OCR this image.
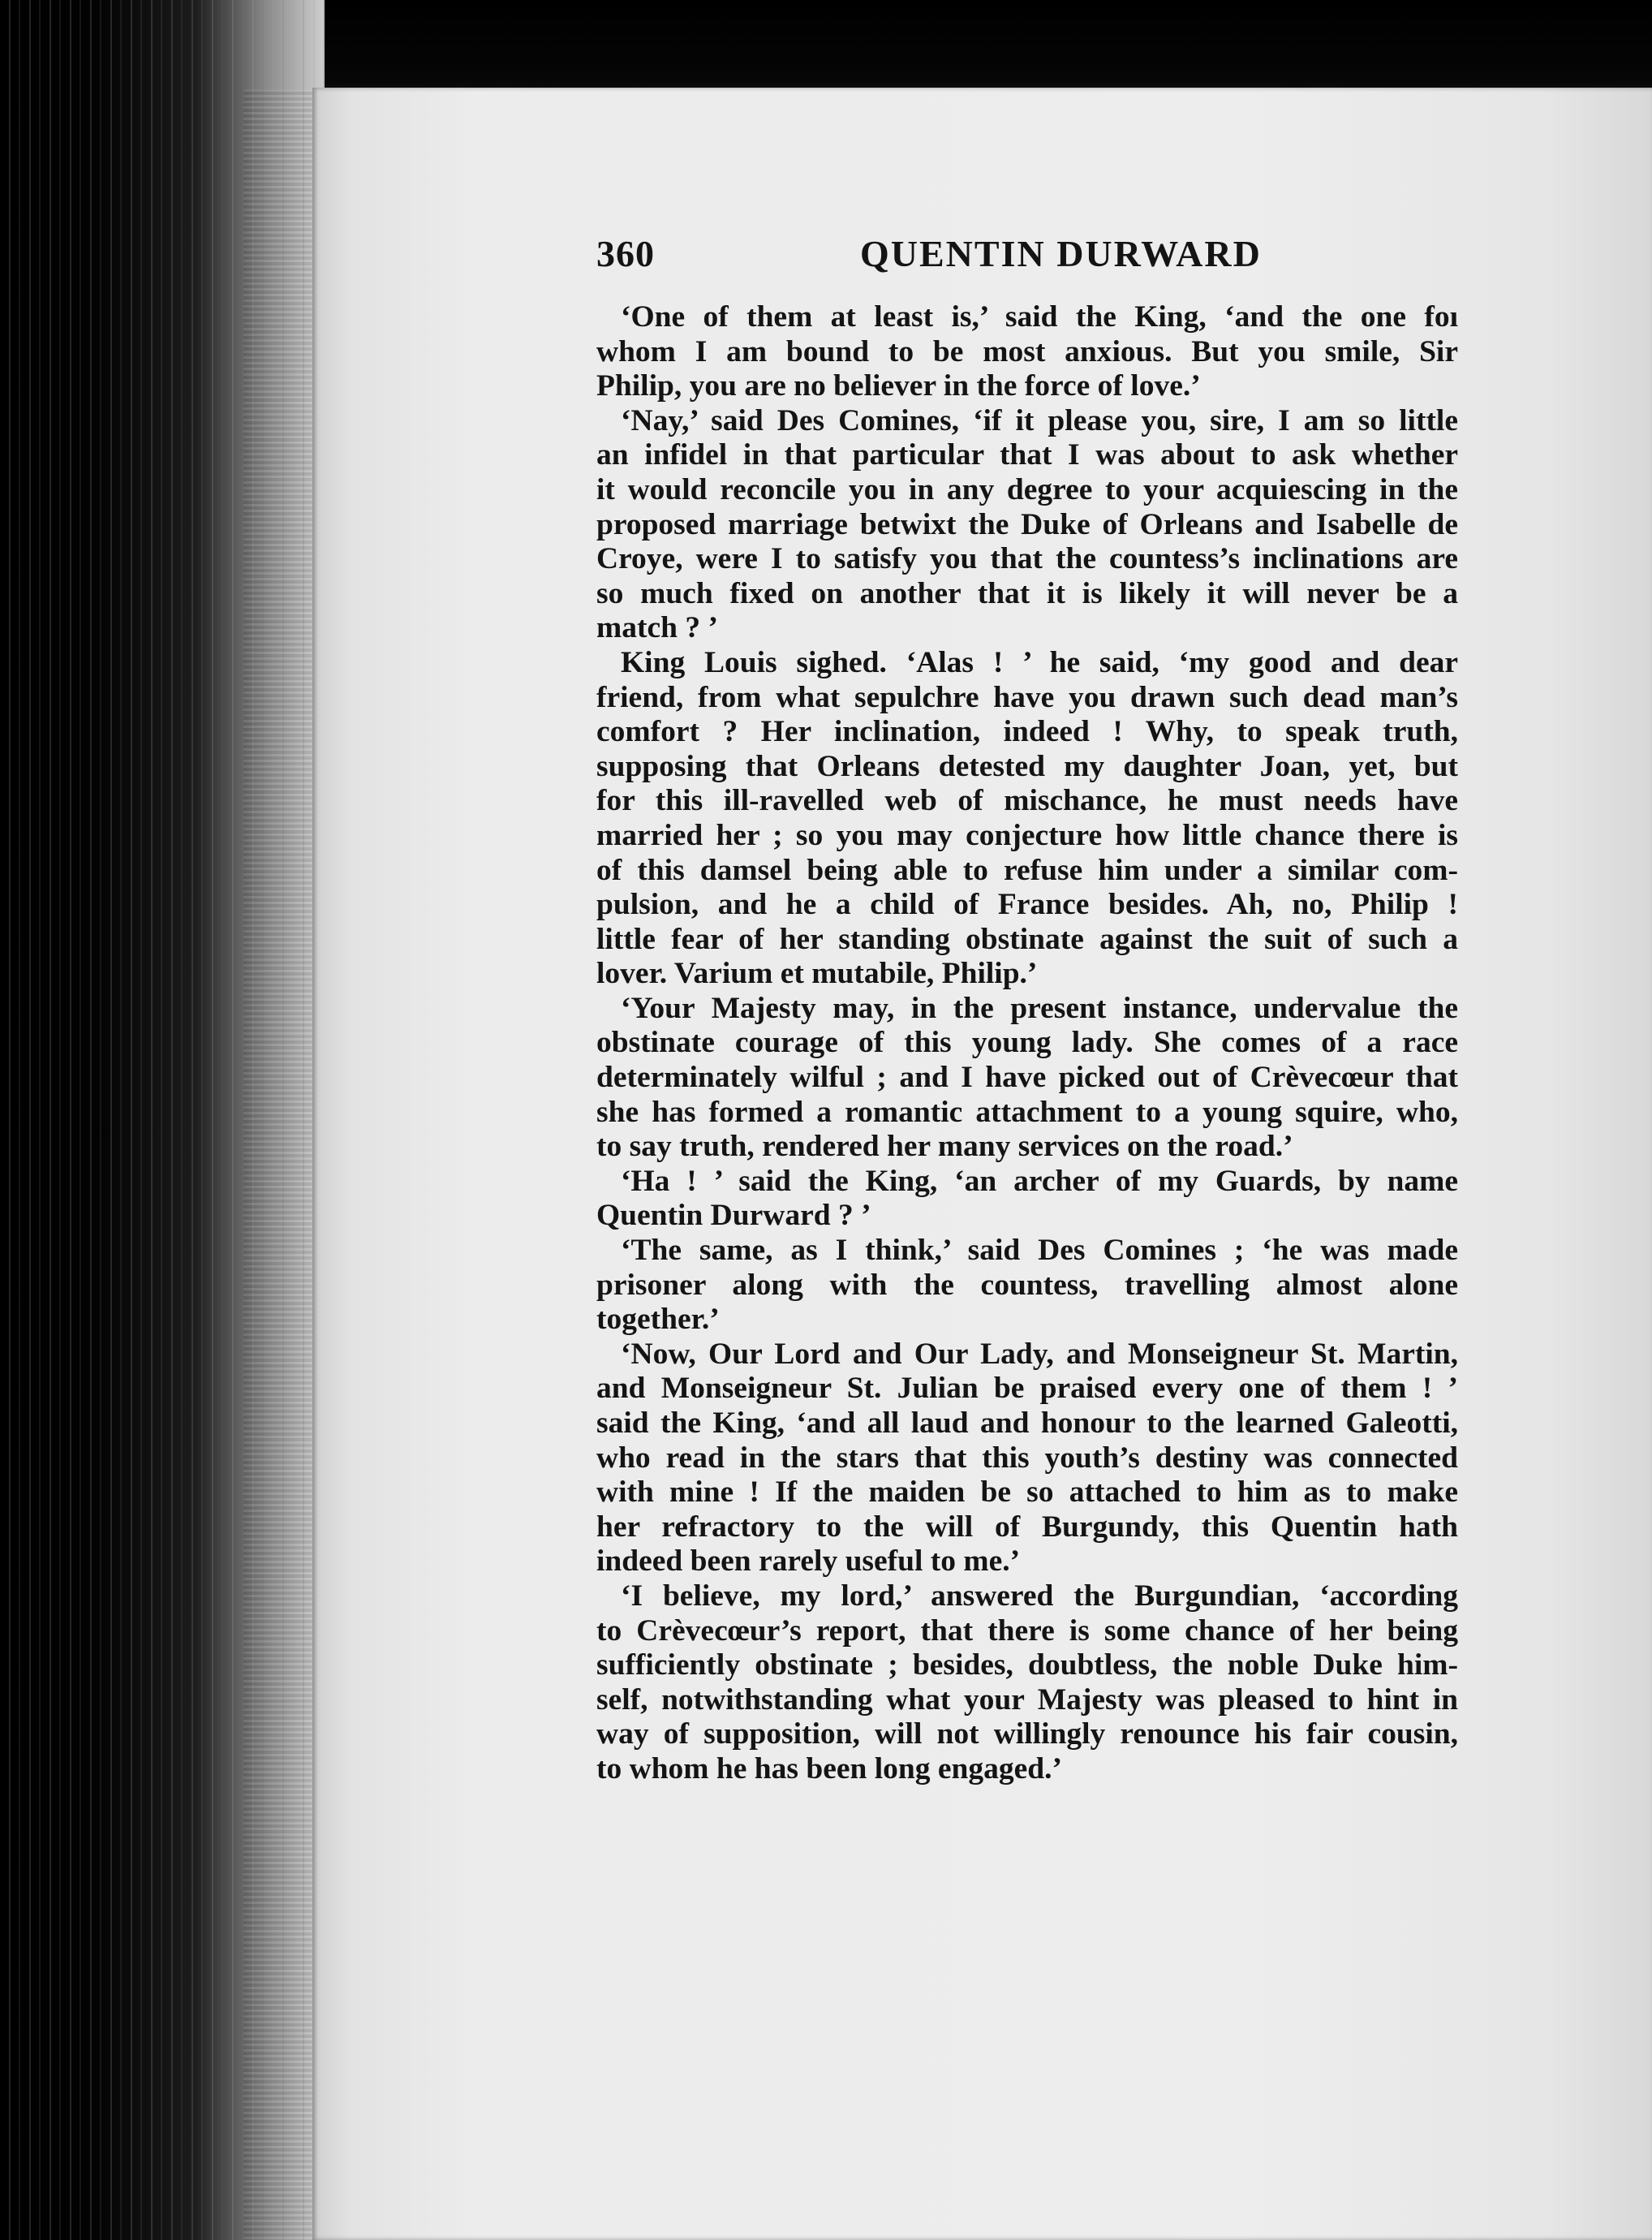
360	QUENTIN DURWARD
‘One of them at least is,’ said the King, ‘and the one foı
whom I am bound to be most anxious. But you smile, Sir
Philip, you are no believer in the force of love.’
‘Nay,’ said Des Comines, ‘if it please you, sire, I am so little
an infidel in that particular that I was about to ask whether
it would reconcile you in any degree to your acquiescing in the
proposed marriage betwixt the Duke of Orleans and Isabelle de
Croye, were I to satisfy you that the countess’s inclinations are
so much fixed on another that it is likely it will never be a
match ? ’
King Louis sighed. ‘Alas ! ’ he said, ‘my good and dear
friend, from what sepulchre have you drawn such dead man’s
comfort ? Her inclination, indeed ! Why, to speak truth,
supposing that Orleans detested my daughter Joan, yet, but
for this ill-ravelled web of mischance, he must needs have
married her ; so you may conjecture how little chance there is
of this damsel being able to refuse him under a similar com-
pulsion, and he a child of France besides. Ah, no, Philip !
little fear of her standing obstinate against the suit of such a
lover. Varium et mutabile, Philip.’
‘Your Majesty may, in the present instance, undervalue the
obstinate courage of this young lady. She comes of a race
determinately wilful ; and I have picked out of Crèvecœur that
she has formed a romantic attachment to a young squire, who,
to say truth, rendered her many services on the road.’
‘Ha ! ’ said the King, ‘an archer of my Guards, by name
Quentin Durward ? ’
‘The same, as I think,’ said Des Comines ; ‘he was made
prisoner along with the countess, travelling almost alone
together.’
‘Now, Our Lord and Our Lady, and Monseigneur St. Martin,
and Monseigneur St. Julian be praised every one of them ! ’
said the King, ‘and all laud and honour to the learned Galeotti,
who read in the stars that this youth’s destiny was connected
with mine ! If the maiden be so attached to him as to make
her refractory to the will of Burgundy, this Quentin hath
indeed been rarely useful to me.’
‘I believe, my lord,’ answered the Burgundian, ‘according
to Crèvecœur’s report, that there is some chance of her being
sufficiently obstinate ; besides, doubtless, the noble Duke him-
self, notwithstanding what your Majesty was pleased to hint in
way of supposition, will not willingly renounce his fair cousin,
to whom he has been long engaged.’
